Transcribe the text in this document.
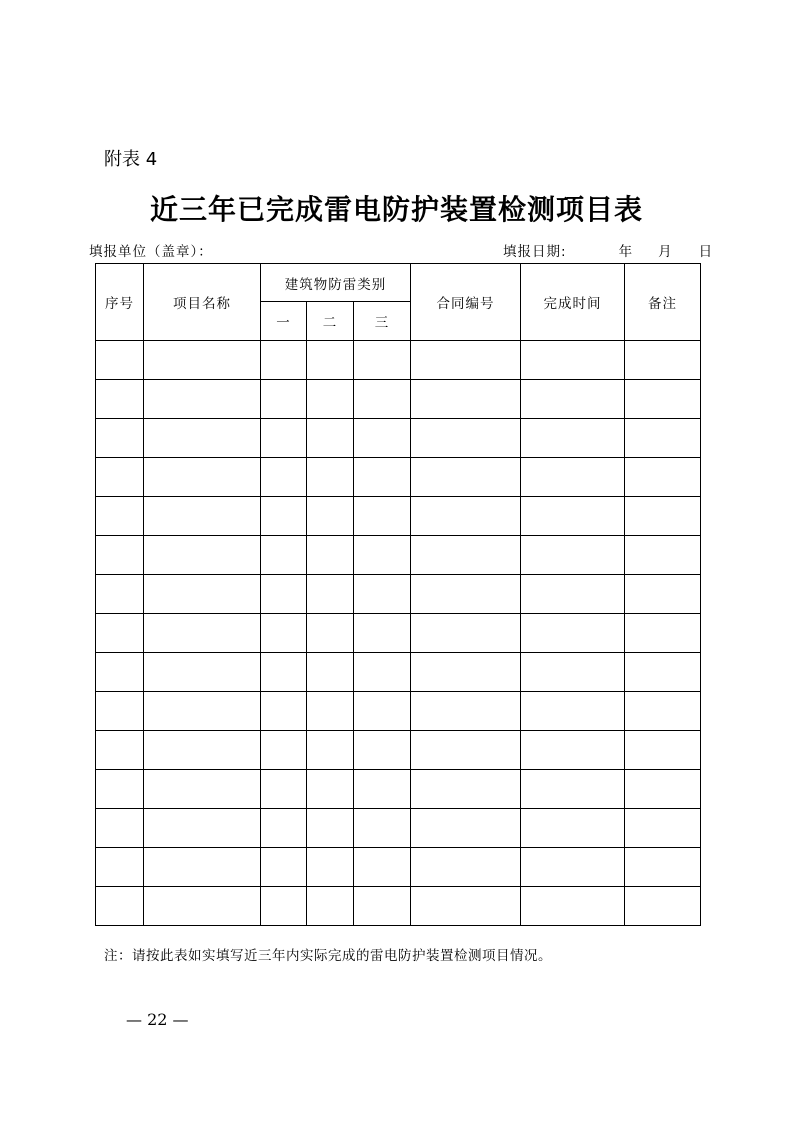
附表 4
近三年已完成雷电防护装置检测项目表
填报单位（盖章）：	填报日期:	年 月 日
序号	项目名称	建筑物防雷类别			合同编号	完成时间	备注
		一	二	三			

注：请按此表如实填写近三年内实际完成的雷电防护装置检测项目情况。
— 22 —
